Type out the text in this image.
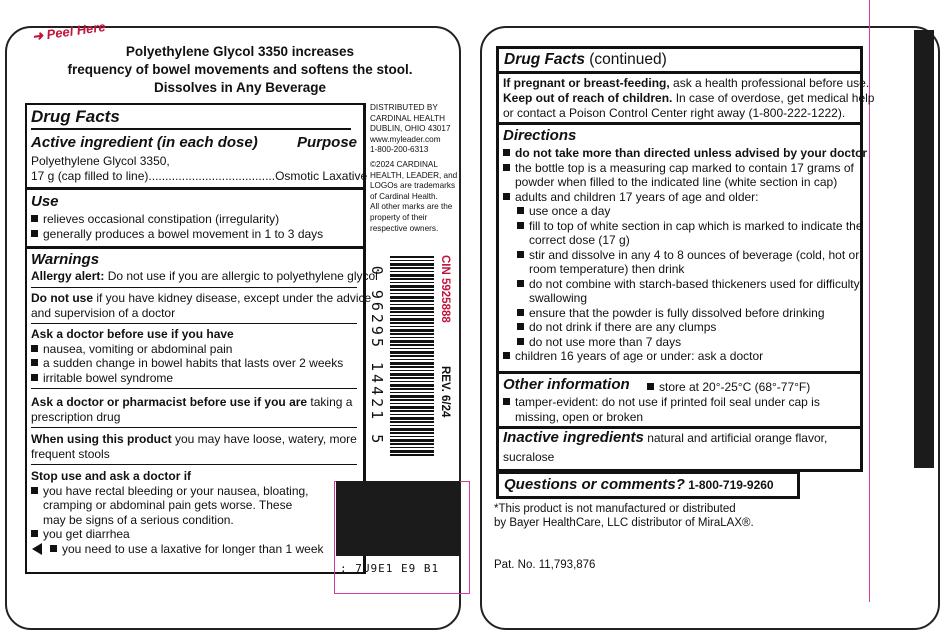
➜ Peel Here
Polyethylene Glycol 3350 increases
frequency of bowel movements and softens the stool.
Dissolves in Any Beverage
Drug Facts
Active ingredient (in each dose)	Purpose
Polyethylene Glycol 3350,
17 g (cap filled to line)......................................Osmotic Laxative
Use
relieves occasional constipation (irregularity)
generally produces a bowel movement in 1 to 3 days
Warnings
Allergy alert: Do not use if you are allergic to polyethylene glycol
Do not use if you have kidney disease, except under the advice
and supervision of a doctor
Ask a doctor before use if you have
nausea, vomiting or abdominal pain
a sudden change in bowel habits that lasts over 2 weeks
irritable bowel syndrome
Ask a doctor or pharmacist before use if you are taking a
prescription drug
When using this product you may have loose, watery, more
frequent stools
Stop use and ask a doctor if
you have rectal bleeding or your nausea, bloating,
cramping or abdominal pain gets worse. These
may be signs of a serious condition.
you get diarrhea
you need to use a laxative for longer than 1 week
DISTRIBUTED BY
CARDINAL HEALTH
DUBLIN, OHIO 43017
www.myleader.com
1-800-200-6313
©2024 CARDINAL
HEALTH, LEADER, and
LOGOs are trademarks
of Cardinal Health.
All other marks are the
property of their
respective owners.
0 96295 14421 5	CIN 5925888
REV. 6/24
: 7U9E1 E9 B1
Drug Facts (continued)
If pregnant or breast-feeding, ask a health professional before use.
Keep out of reach of children. In case of overdose, get medical help
or contact a Poison Control Center right away (1-800-222-1222).
Directions
do not take more than directed unless advised by your doctor
the bottle top is a measuring cap marked to contain 17 grams of
powder when filled to the indicated line (white section in cap)
adults and children 17 years of age and older:
use once a day
fill to top of white section in cap which is marked to indicate the
correct dose (17 g)
stir and dissolve in any 4 to 8 ounces of beverage (cold, hot or
room temperature) then drink
do not combine with starch-based thickeners used for difficulty
swallowing
ensure that the powder is fully dissolved before drinking
do not drink if there are any clumps
do not use more than 7 days
children 16 years of age or under: ask a doctor
Other information	store at 20°-25°C (68°-77°F)
tamper-evident: do not use if printed foil seal under cap is
missing, open or broken
Inactive ingredients natural and artificial orange flavor,
sucralose
Questions or comments? 1-800-719-9260
*This product is not manufactured or distributed
by Bayer HealthCare, LLC distributor of MiraLAX®.
Pat. No. 11,793,876
